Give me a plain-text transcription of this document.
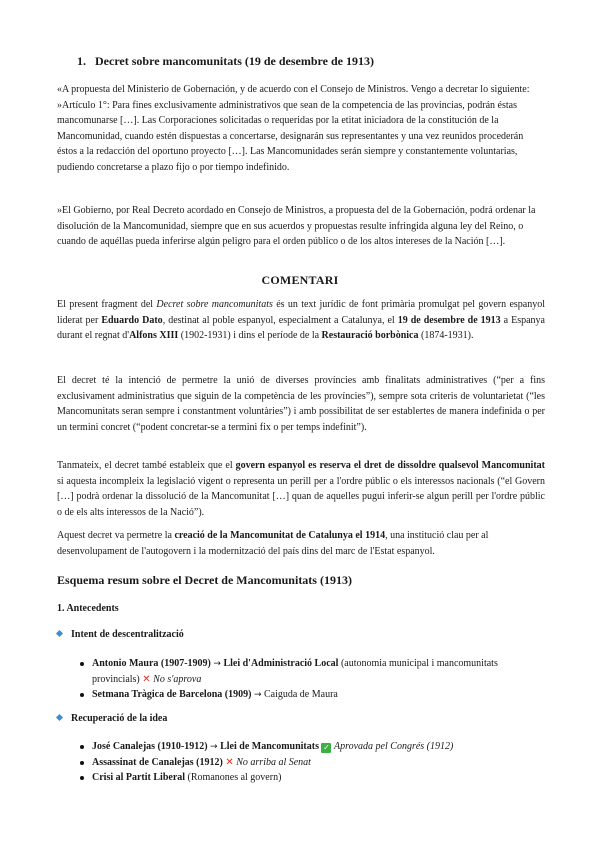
1. Decret sobre mancomunitats (19 de desembre de 1913)

«A propuesta del Ministerio de Gobernación, y de acuerdo con el Consejo de Ministros. Vengo a decretar lo siguiente: »Artículo 1°: Para fines exclusivamente administrativos que sean de la competencia de las provincias, podrán éstas mancomunarse […]. Las Corporaciones solicitadas o requeridas por la etitat iniciadora de la constitución de la Mancomunidad, cuando estén dispuestas a concertarse, designarán sus representantes y una vez reunidos procederán éstos a la redacción del oportuno proyecto […]. Las Mancomunidades serán siempre y constantemente voluntarias, pudiendo concretarse a plazo fijo o por tiempo indefinido.

»El Gobierno, por Real Decreto acordado en Consejo de Ministros, a propuesta del de la Gobernación, podrá ordenar la disolución de la Mancomunidad, siempre que en sus acuerdos y propuestas resulte infringida alguna ley del Reino, o cuando de aquéllas pueda inferirse algún peligro para el orden público o de los altos intereses de la Nación […].

COMENTARI

El present fragment del Decret sobre mancomunitats és un text jurídic de font primària promulgat pel govern espanyol liderat per Eduardo Dato, destinat al poble espanyol, especialment a Catalunya, el 19 de desembre de 1913 a Espanya durant el regnat d'Alfons XIII (1902-1931) i dins el període de la Restauració borbònica (1874-1931).

El decret té la intenció de permetre la unió de diverses províncies amb finalitats administratives (“per a fins exclusivament administratius que siguin de la competència de les províncies”), sempre sota criteris de voluntarietat (“les Mancomunitats seran sempre i constantment voluntàries”) i amb possibilitat de ser establertes de manera indefinida o per un termini concret (“podent concretar-se a termini fix o per temps indefinit”).

Tanmateix, el decret també estableix que el govern espanyol es reserva el dret de dissoldre qualsevol Mancomunitat si aquesta incompleix la legislació vigent o representa un perill per a l'ordre públic o els interessos nacionals (“el Govern […] podrà ordenar la dissolució de la Mancomunitat […] quan de aquelles pugui inferir-se algun perill per l'ordre públic o de els alts interessos de la Nació”).

Aquest decret va permetre la creació de la Mancomunitat de Catalunya el 1914, una institució clau per al desenvolupament de l'autogovern i la modernització del país dins del marc de l'Estat espanyol.

Esquema resum sobre el Decret de Mancomunitats (1913)
1. Antecedents
Intent de descentralització
Antonio Maura (1907-1909) → Llei d'Administració Local (autonomia municipal i mancomunitats provincials) ✕ No s'aprova
Setmana Tràgica de Barcelona (1909) → Caiguda de Maura
Recuperació de la idea
José Canalejas (1910-1912) → Llei de Mancomunitats ✓ Aprovada pel Congrés (1912)
Assassinat de Canalejas (1912) ✕ No arriba al Senat
Crisi al Partit Liberal (Romanones al govern)
